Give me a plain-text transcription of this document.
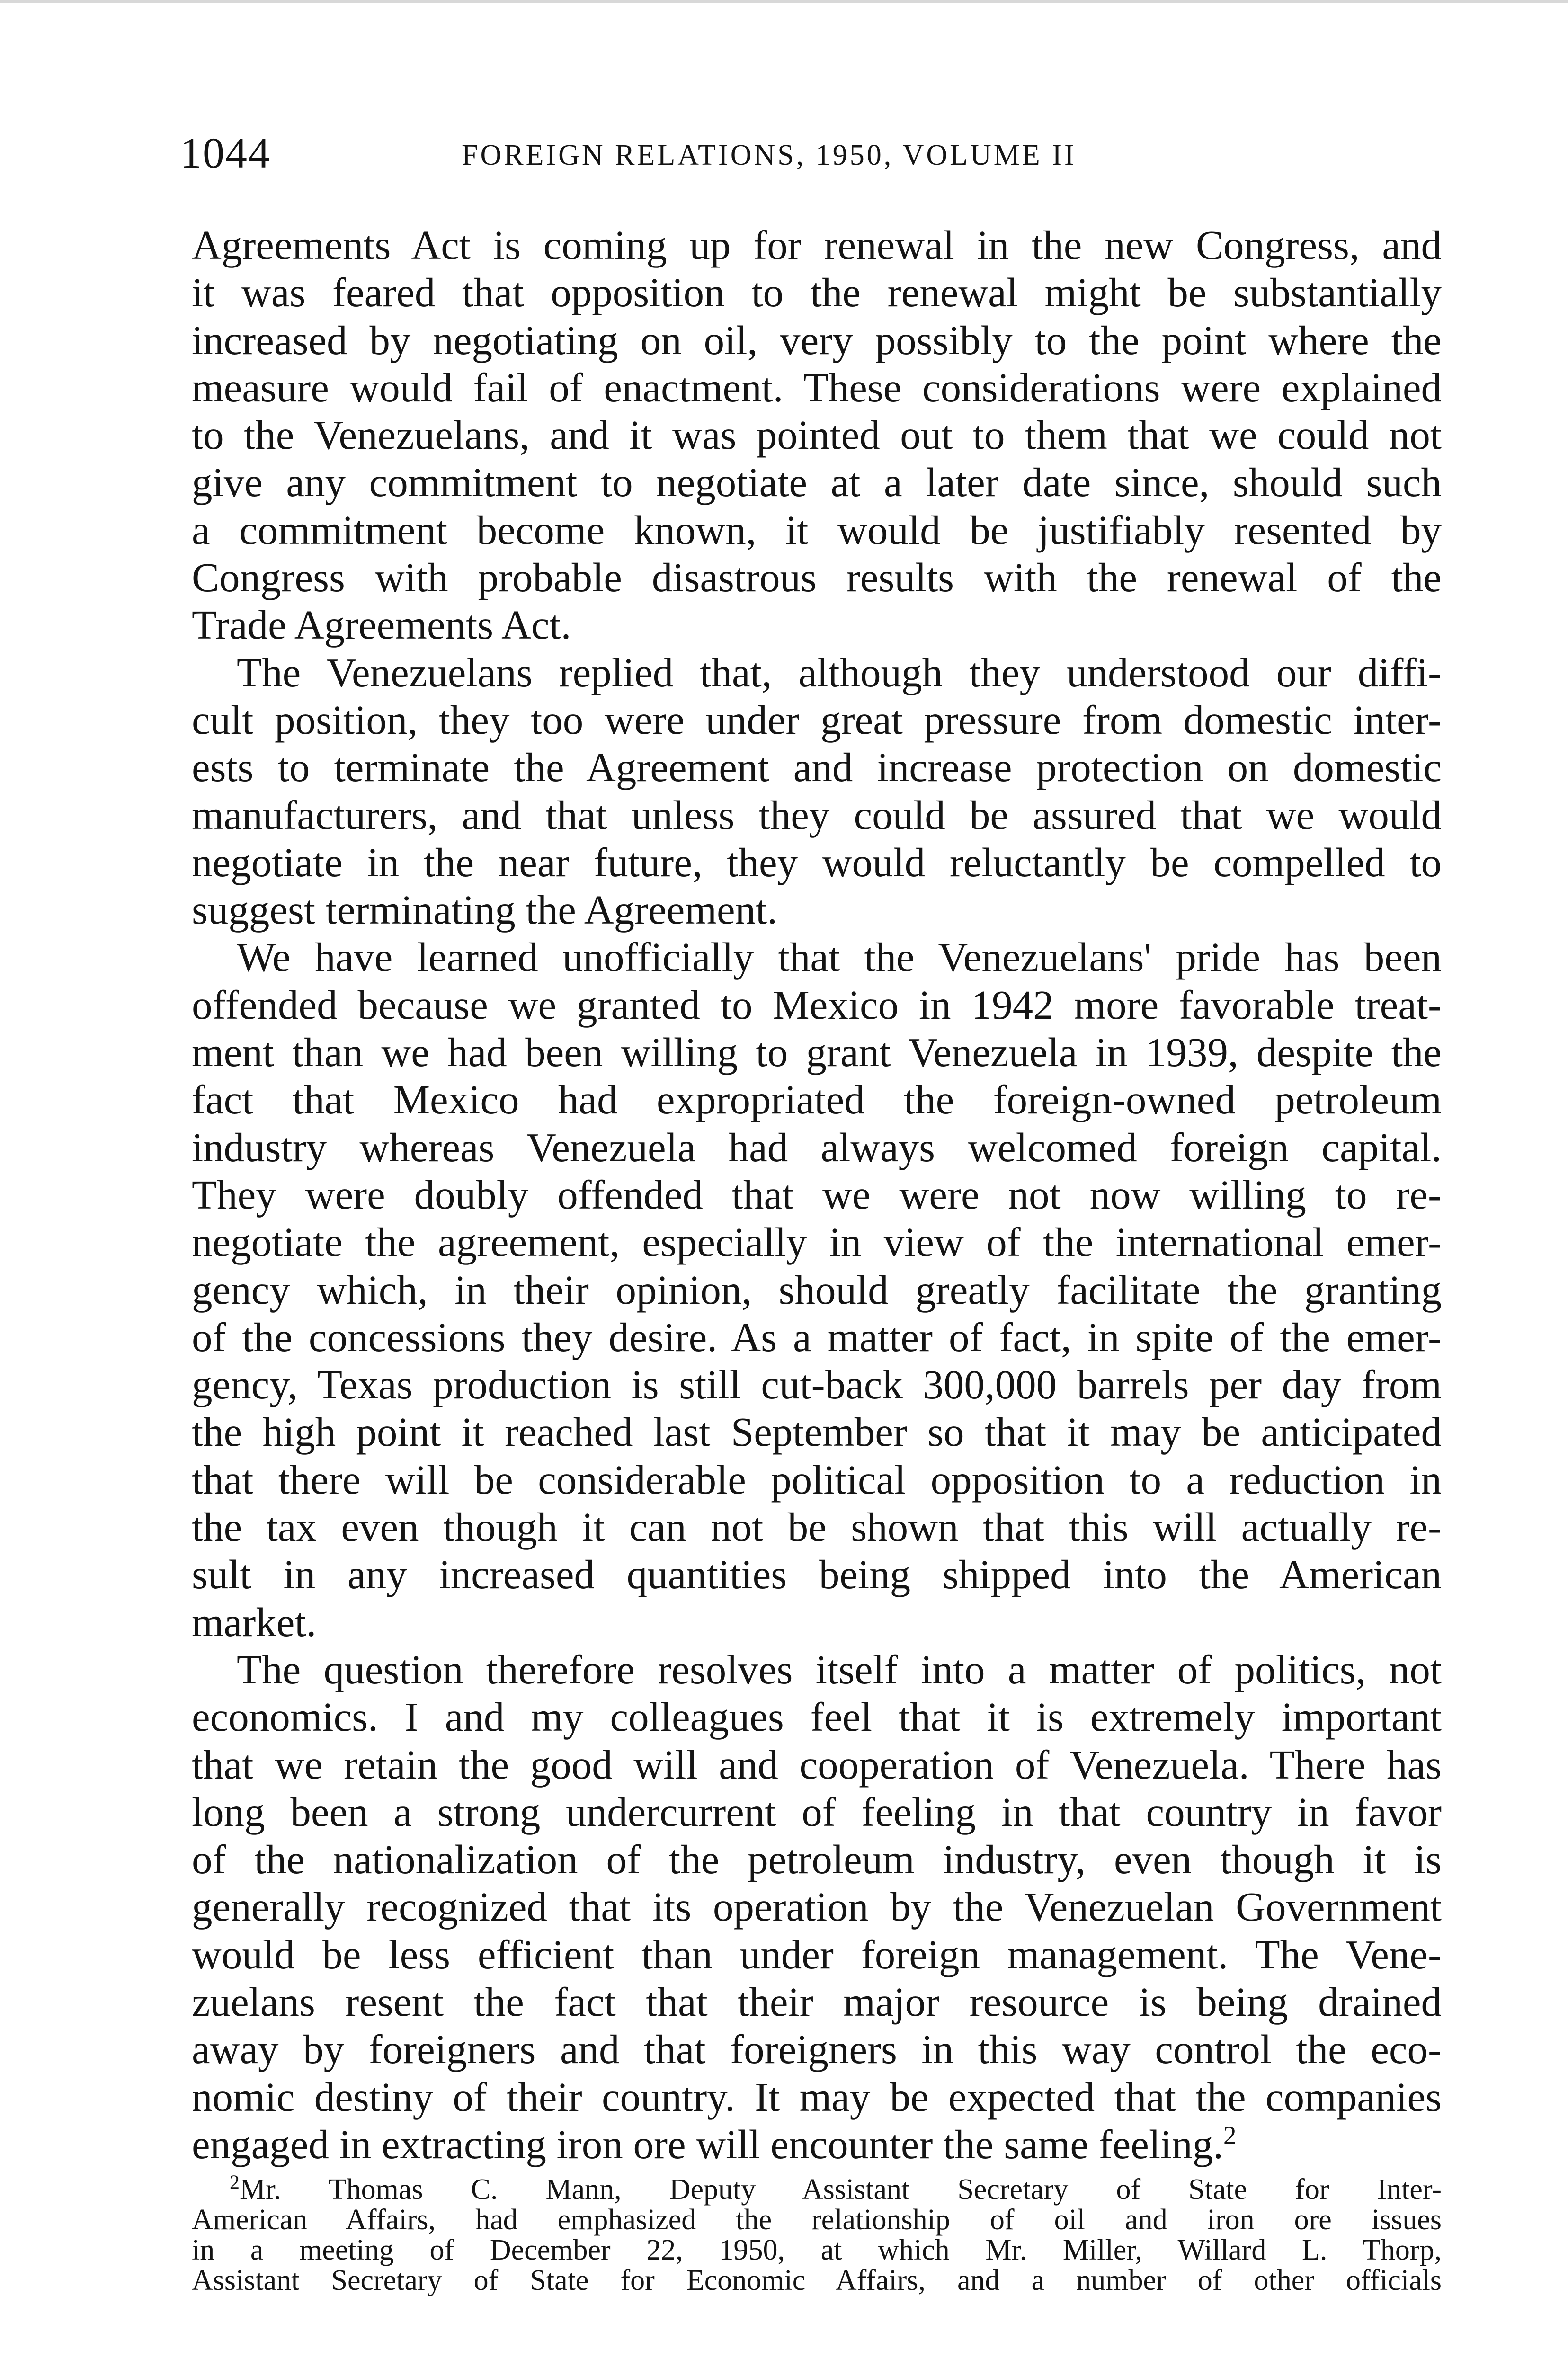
1044	FOREIGN RELATIONS, 1950, VOLUME II
Agreements Act is coming up for renewal in the new Congress, and
it was feared that opposition to the renewal might be substantially
increased by negotiating on oil, very possibly to the point where the
measure would fail of enactment. These considerations were explained
to the Venezuelans, and it was pointed out to them that we could not
give any commitment to negotiate at a later date since, should such
a commitment become known, it would be justifiably resented by
Congress with probable disastrous results with the renewal of the
Trade Agreements Act.
The Venezuelans replied that, although they understood our diffi-
cult position, they too were under great pressure from domestic inter-
ests to terminate the Agreement and increase protection on domestic
manufacturers, and that unless they could be assured that we would
negotiate in the near future, they would reluctantly be compelled to
suggest terminating the Agreement.
We have learned unofficially that the Venezuelans' pride has been
offended because we granted to Mexico in 1942 more favorable treat-
ment than we had been willing to grant Venezuela in 1939, despite the
fact that Mexico had expropriated the foreign-owned petroleum
industry whereas Venezuela had always welcomed foreign capital.
They were doubly offended that we were not now willing to re-
negotiate the agreement, especially in view of the international emer-
gency which, in their opinion, should greatly facilitate the granting
of the concessions they desire. As a matter of fact, in spite of the emer-
gency, Texas production is still cut-back 300,000 barrels per day from
the high point it reached last September so that it may be anticipated
that there will be considerable political opposition to a reduction in
the tax even though it can not be shown that this will actually re-
sult in any increased quantities being shipped into the American
market.
The question therefore resolves itself into a matter of politics, not
economics. I and my colleagues feel that it is extremely important
that we retain the good will and cooperation of Venezuela. There has
long been a strong undercurrent of feeling in that country in favor
of the nationalization of the petroleum industry, even though it is
generally recognized that its operation by the Venezuelan Government
would be less efficient than under foreign management. The Vene-
zuelans resent the fact that their major resource is being drained
away by foreigners and that foreigners in this way control the eco-
nomic destiny of their country. It may be expected that the companies
engaged in extracting iron ore will encounter the same feeling.$^2$
$^2$Mr. Thomas C. Mann, Deputy Assistant Secretary of State for Inter-
American Affairs, had emphasized the relationship of oil and iron ore issues
in a meeting of December 22, 1950, at which Mr. Miller, Willard L. Thorp,
Assistant Secretary of State for Economic Affairs, and a number of other officials
